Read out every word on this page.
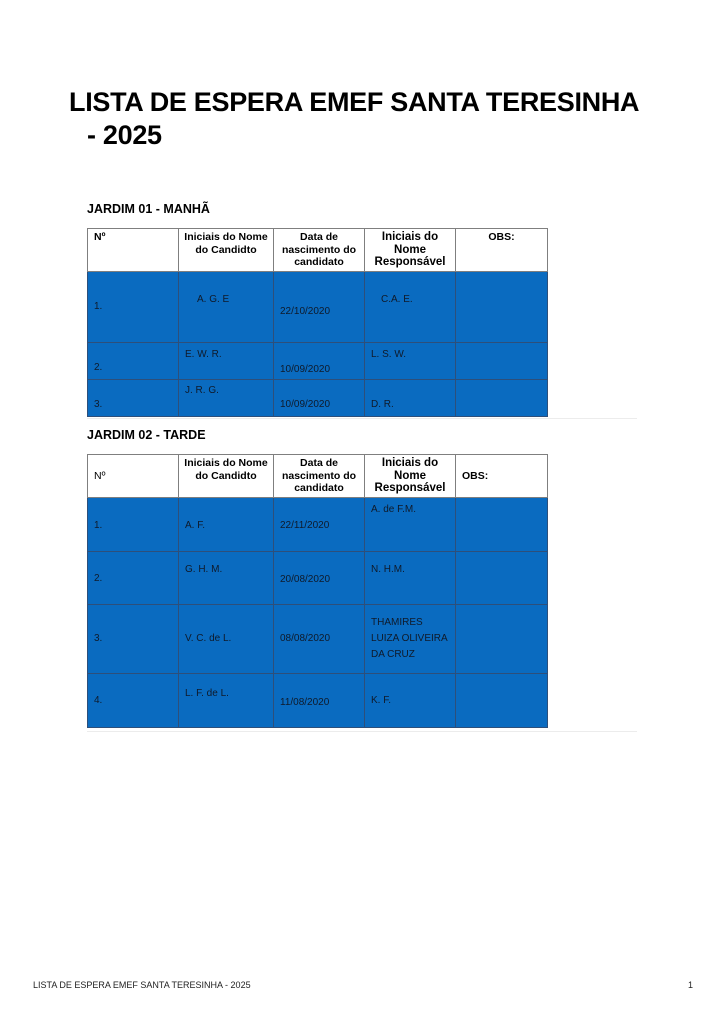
LISTA DE ESPERA EMEF SANTA TERESINHA
- 2025
JARDIM 01 - MANHÃ
Nº	Iniciais do Nome do Candidto	Data de nascimento do candidato	Iniciais do Nome Responsável	OBS:
1.	A. G. E	22/10/2020	C.A. E.	
2.	E. W. R.	10/09/2020	L. S. W.	
3.	J. R. G.	10/09/2020	D. R.	
JARDIM 02 - TARDE
Nº	Iniciais do Nome do Candidto	Data de nascimento do candidato	Iniciais do Nome Responsável	OBS:
1.	A. F.	22/11/2020	A. de F.M.	
2.	G. H. M.	20/08/2020	N. H.M.	
3.	V. C. de L.	08/08/2020	THAMIRES LUIZA OLIVEIRA DA CRUZ	
4.	L. F. de L.	11/08/2020	K. F.	
LISTA DE ESPERA EMEF SANTA TERESINHA - 2025	1
